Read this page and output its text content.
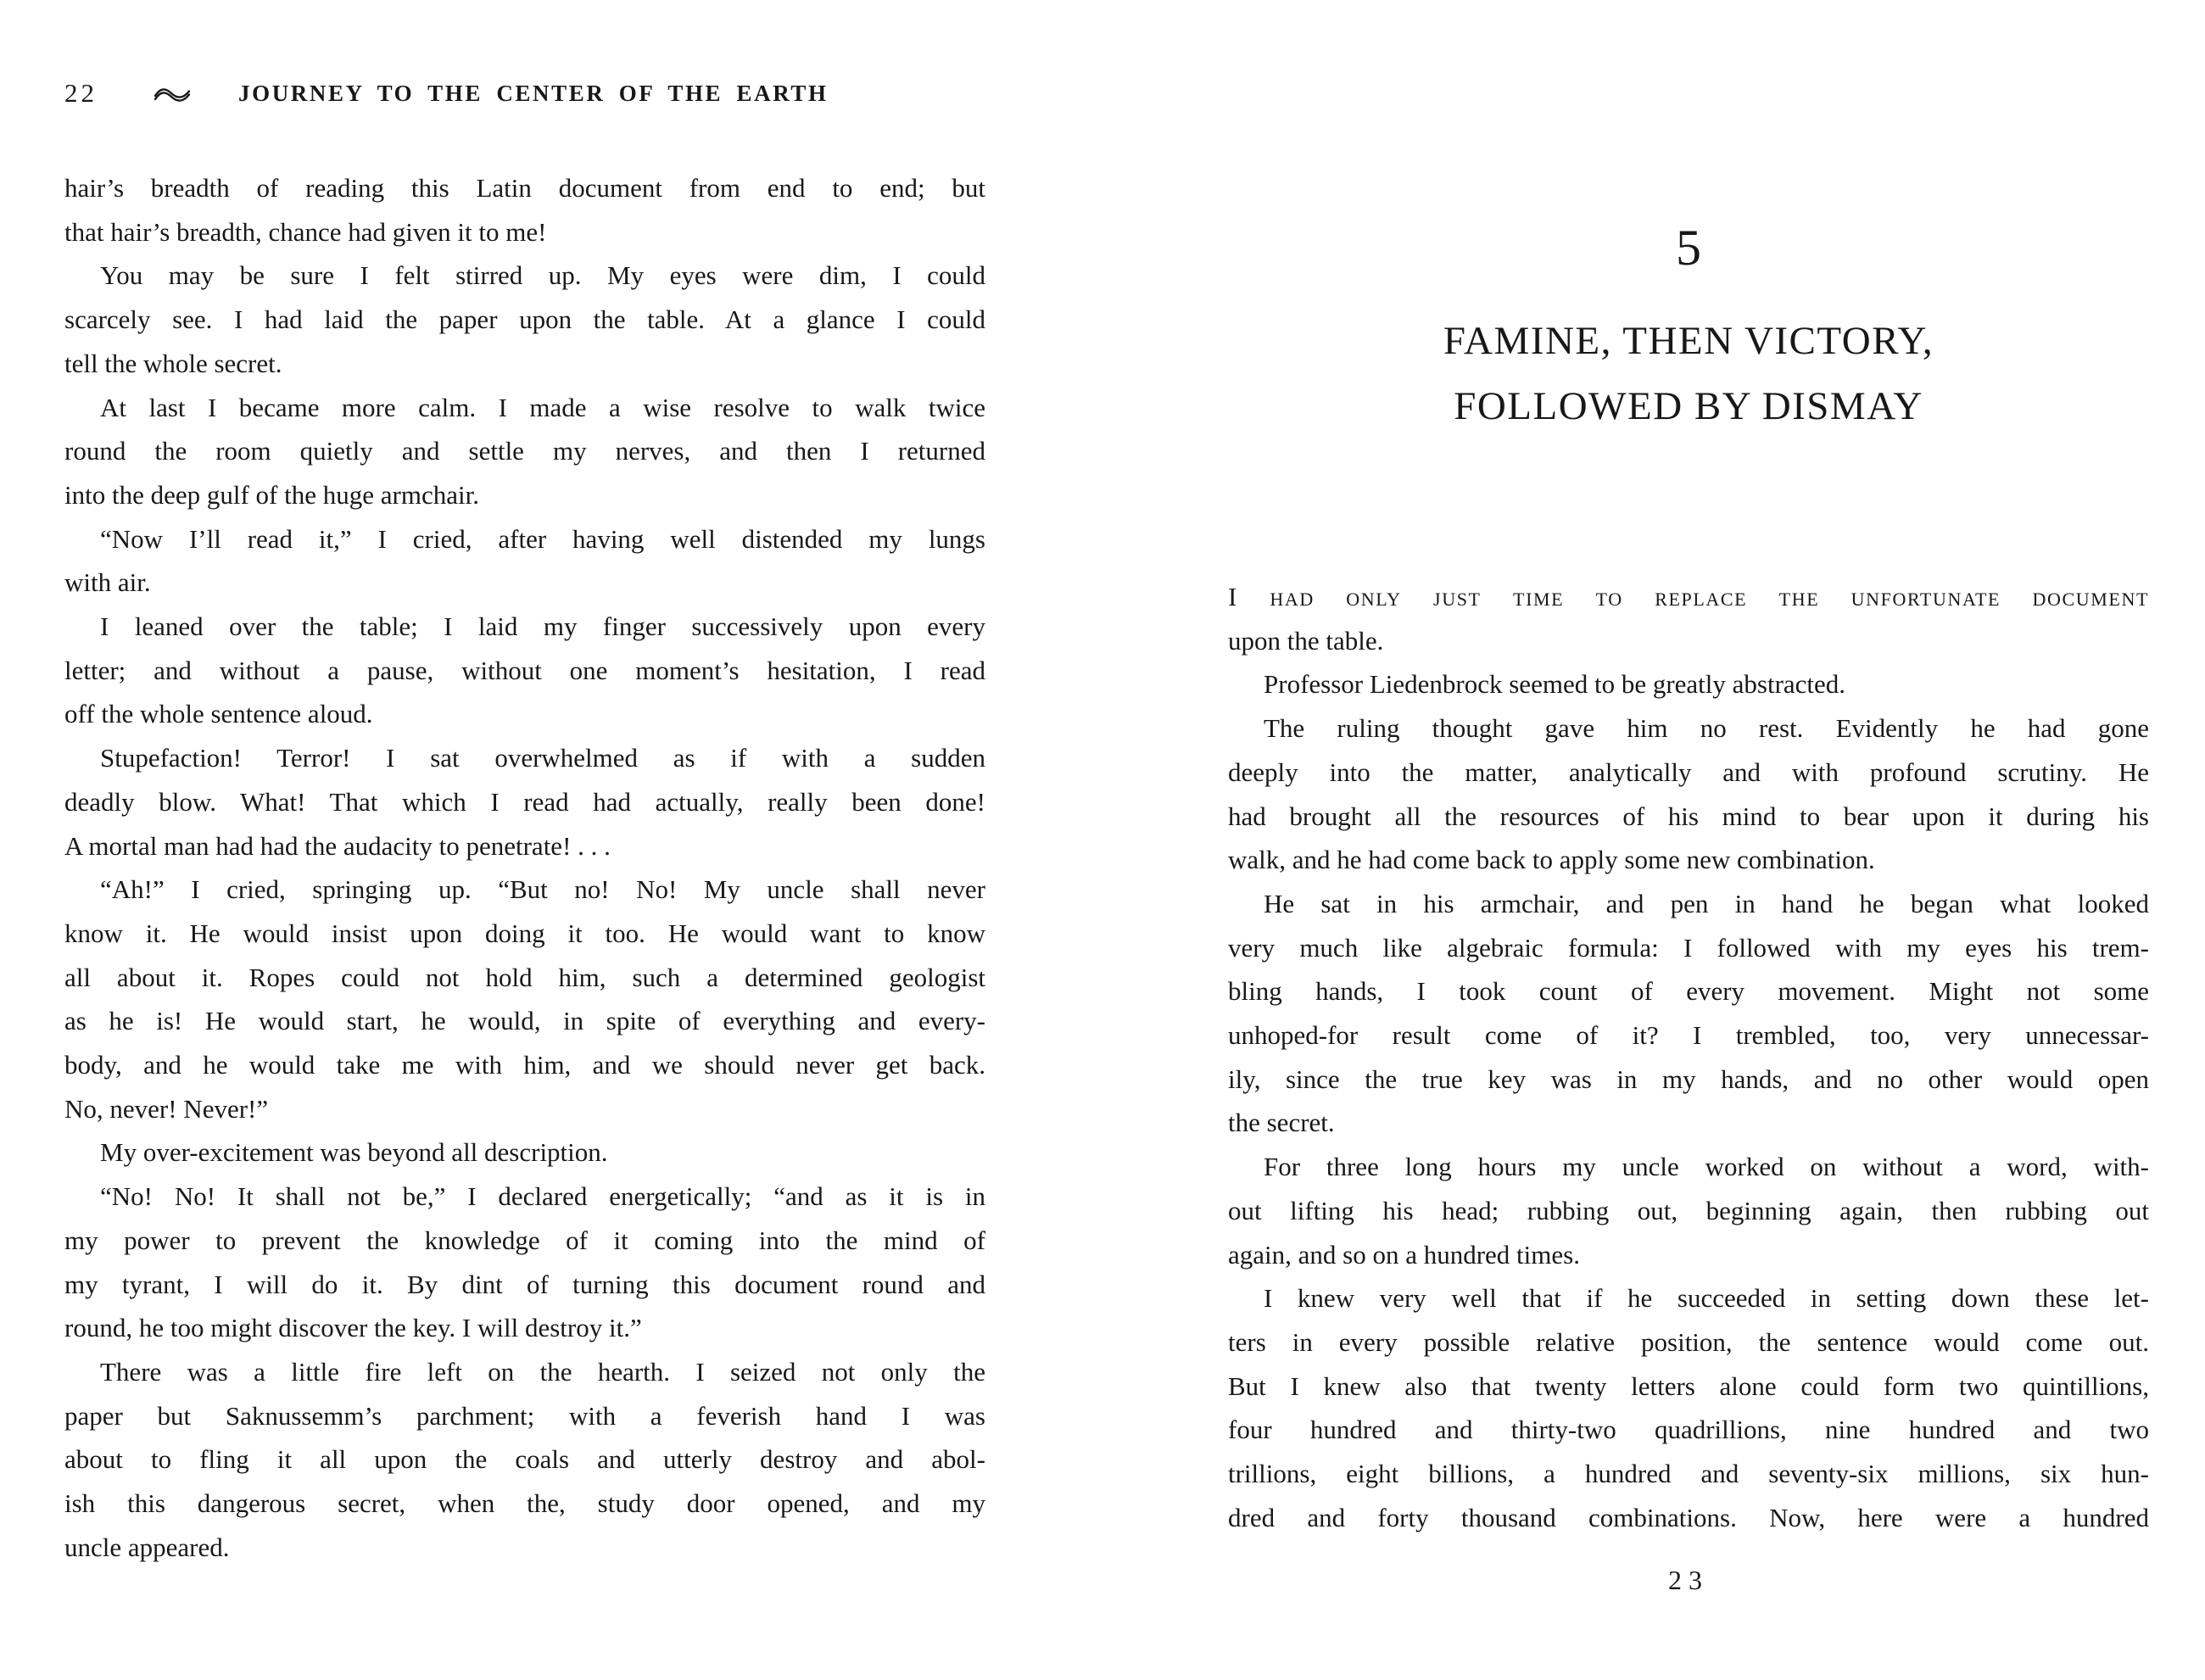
22	JOURNEY TO THE CENTER OF THE EARTH
hair’s breadth of reading this Latin document from end to end; but
that hair’s breadth, chance had given it to me!
You may be sure I felt stirred up. My eyes were dim, I could
scarcely see. I had laid the paper upon the table. At a glance I could
tell the whole secret.
At last I became more calm. I made a wise resolve to walk twice
round the room quietly and settle my nerves, and then I returned
into the deep gulf of the huge armchair.
“Now I’ll read it,” I cried, after having well distended my lungs
with air.
I leaned over the table; I laid my finger successively upon every
letter; and without a pause, without one moment’s hesitation, I read
off the whole sentence aloud.
Stupefaction! Terror! I sat overwhelmed as if with a sudden
deadly blow. What! That which I read had actually, really been done!
A mortal man had had the audacity to penetrate! . . .
“Ah!” I cried, springing up. “But no! No! My uncle shall never
know it. He would insist upon doing it too. He would want to know
all about it. Ropes could not hold him, such a determined geologist
as he is! He would start, he would, in spite of everything and every-
body, and he would take me with him, and we should never get back.
No, never! Never!”
My over-excitement was beyond all description.
“No! No! It shall not be,” I declared energetically; “and as it is in
my power to prevent the knowledge of it coming into the mind of
my tyrant, I will do it. By dint of turning this document round and
round, he too might discover the key. I will destroy it.”
There was a little fire left on the hearth. I seized not only the
paper but Saknussemm’s parchment; with a feverish hand I was
about to fling it all upon the coals and utterly destroy and abol-
ish this dangerous secret, when the, study door opened, and my
uncle appeared.
5
FAMINE, THEN VICTORY,
FOLLOWED BY DISMAY
I had only just time to replace the unfortunate document
upon the table.
Professor Liedenbrock seemed to be greatly abstracted.
The ruling thought gave him no rest. Evidently he had gone
deeply into the matter, analytically and with profound scrutiny. He
had brought all the resources of his mind to bear upon it during his
walk, and he had come back to apply some new combination.
He sat in his armchair, and pen in hand he began what looked
very much like algebraic formula: I followed with my eyes his trem-
bling hands, I took count of every movement. Might not some
unhoped-for result come of it? I trembled, too, very unnecessar-
ily, since the true key was in my hands, and no other would open
the secret.
For three long hours my uncle worked on without a word, with-
out lifting his head; rubbing out, beginning again, then rubbing out
again, and so on a hundred times.
I knew very well that if he succeeded in setting down these let-
ters in every possible relative position, the sentence would come out.
But I knew also that twenty letters alone could form two quintillions,
four hundred and thirty-two quadrillions, nine hundred and two
trillions, eight billions, a hundred and seventy-six millions, six hun-
dred and forty thousand combinations. Now, here were a hundred
23
